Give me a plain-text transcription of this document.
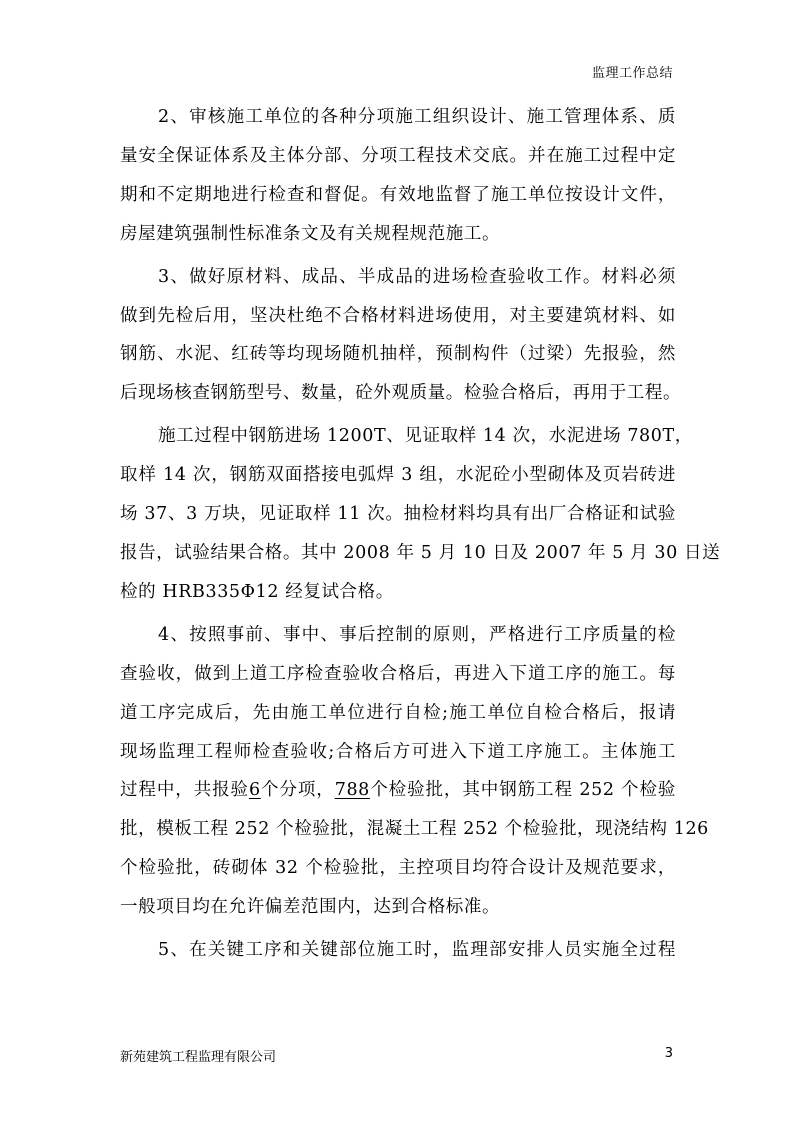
监理工作总结
2、审核施工单位的各种分项施工组织设计、施工管理体系、质
量安全保证体系及主体分部、分项工程技术交底。并在施工过程中定
期和不定期地进行检查和督促。有效地监督了施工单位按设计文件，
房屋建筑强制性标准条文及有关规程规范施工。
3、做好原材料、成品、半成品的进场检查验收工作。材料必须
做到先检后用，坚决杜绝不合格材料进场使用，对主要建筑材料、如
钢筋、水泥、红砖等均现场随机抽样，预制构件（过梁）先报验，然
后现场核查钢筋型号、数量，砼外观质量。检验合格后，再用于工程。
施工过程中钢筋进场 1200T、见证取样 14 次，水泥进场 780T，
取样 14 次，钢筋双面搭接电弧焊 3 组，水泥砼小型砌体及页岩砖进
场 37、3 万块，见证取样 11 次。抽检材料均具有出厂合格证和试验
报告，试验结果合格。其中 2008 年 5 月 10 日及 2007 年 5 月 30 日送
检的 HRB335Φ12 经复试合格。
4、按照事前、事中、事后控制的原则，严格进行工序质量的检
查验收，做到上道工序检查验收合格后，再进入下道工序的施工。每
道工序完成后，先由施工单位进行自检;施工单位自检合格后，报请
现场监理工程师检查验收;合格后方可进入下道工序施工。主体施工
过程中，共报验6个分项，788个检验批，其中钢筋工程 252 个检验
批，模板工程 252 个检验批，混凝土工程 252 个检验批，现浇结构 126
个检验批，砖砌体 32 个检验批，主控项目均符合设计及规范要求，
一般项目均在允许偏差范围内，达到合格标准。
5、在关键工序和关键部位施工时，监理部安排人员实施全过程
新苑建筑工程监理有限公司	3
